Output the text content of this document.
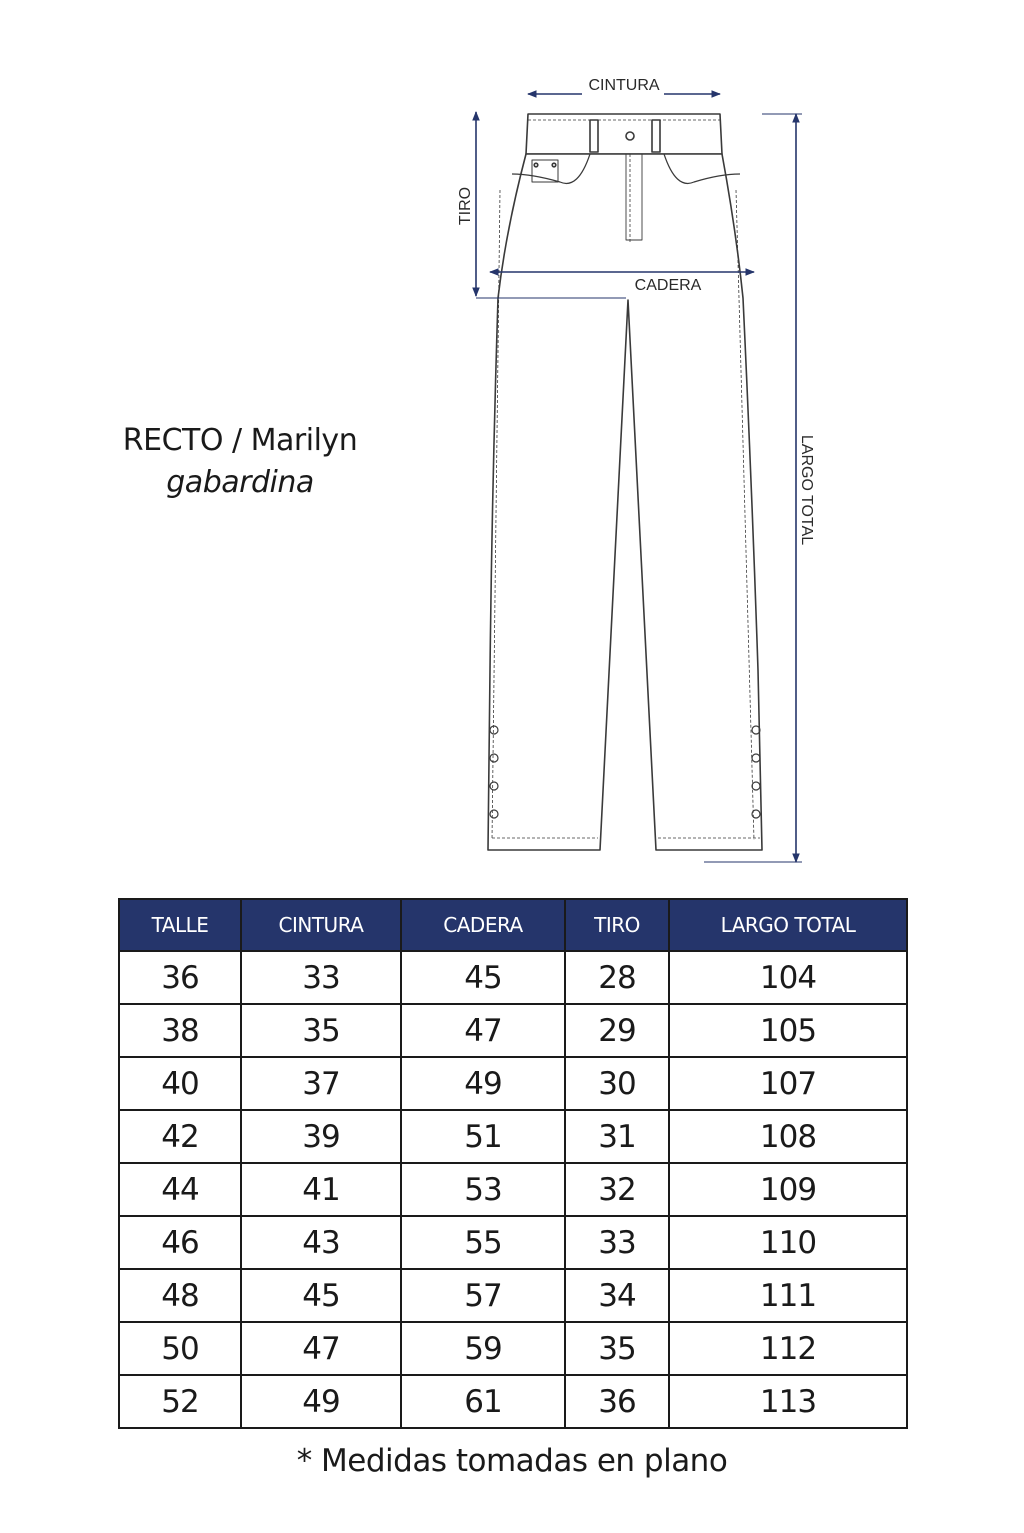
RECTO / Marilyn
gabardina
CINTURA
TIRO
CADERA
LARGO TOTAL
TALLE	CINTURA	CADERA	TIRO	LARGO TOTAL
36	33	45	28	104
38	35	47	29	105
40	37	49	30	107
42	39	51	31	108
44	41	53	32	109
46	43	55	33	110
48	45	57	34	111
50	47	59	35	112
52	49	61	36	113
* Medidas tomadas en plano
